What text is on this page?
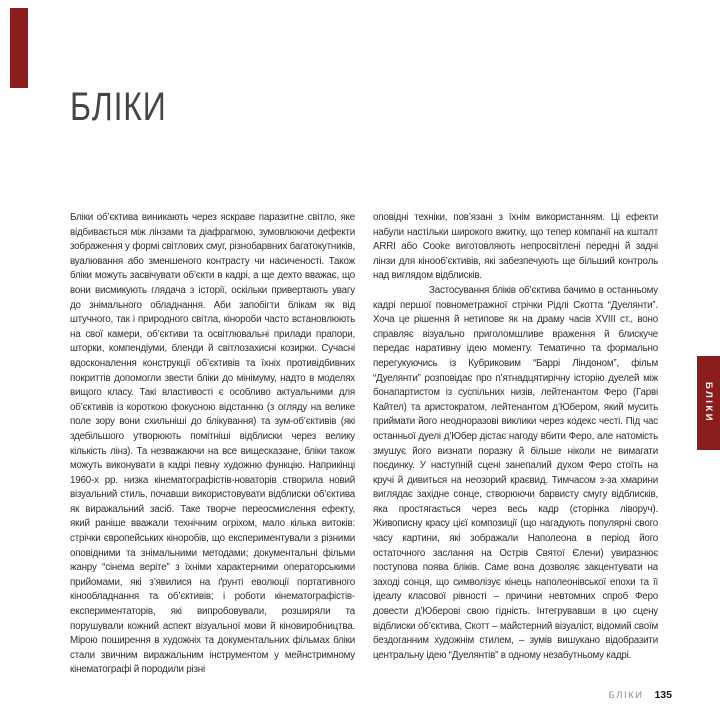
БЛІКИ

Бліки об’єктива виникають через яскраве паразитне світло, яке відбивається між лінзами та діафрагмою, зумовлюючи дефекти зображення у формі світлових смуг, різнобарвних багатокутників, вуалювання або зменшеного контрасту чи насиченості. Також бліки можуть засвічувати об’єкти в кадрі, а ще дехто вважає, що вони висмикують глядача з історії, оскільки привертають увагу до знімального обладнання. Аби запобігти блікам як від штучного, так і природного світла, кінороби часто встановлюють на свої камери, об’єктиви та освітлювальні прилади прапори, шторки, компендіуми, бленди й світлозахисні козирки. Сучасні вдосконалення конструкції об’єктивів та їхніх противідбивних покриттів допомогли звести бліки до мінімуму, надто в моделях вищого класу. Такі властивості є особливо актуальними для об’єктивів із короткою фокусною відстанню (з огляду на велике поле зору вони схильніші до блікування) та зум-об’єктивів (які здебільшого утворюють помітніші відблиски через велику кількість лінз). Та незважаючи на все вищесказане, бліки також можуть виконувати в кадрі певну художню функцію. Наприкінці 1960-х рр. низка кінематографістів-новаторів створила новий візуальний стиль, почавши використовувати відблиски об’єктива як виражальний засіб. Таке творче переосмислення ефекту, який раніше вважали технічним огріхом, мало кілька витоків: стрічки європейських кіноробів, що експериментували з різними оповідними та знімальними методами; документальні фільми жанру “сінема веріте” з їхніми характерними операторськими прийомами, які з’явилися на ґрунті еволюції портативного кінообладнання та об’єктивів; і роботи кінематографістів-експериментаторів, які випробовували, розширяли та порушували кожний аспект візуальної мови й кіновиробництва. Мірою поширення в художніх та документальних фільмах бліки стали звичним виражальним інструментом у мейнстримному кінематографі й породили різні

оповідні техніки, пов’язані з їхнім використанням. Ці ефекти набули настільки широкого вжитку, що тепер компанії на кшталт ARRI або Cooke виготовляють непросвітлені передні й задні лінзи для кінооб’єктивів, які забезпечують ще більший контроль над виглядом відблисків.

Застосування бліків об’єктива бачимо в останньому кадрі першої повнометражної стрічки Рідлі Скотта “Дуелянти”. Хоча це рішення й нетипове як на драму часів XVIII ст., воно справляє візуально приголомшливе враження й блискуче передає наративну ідею моменту. Тематично та формально перегукуючись із Кубриковим “Баррі Ліндоном”, фільм “Дуелянти” розповідає про п’ятнадцятирічну історію дуелей між бонапартистом із суспільних низів, лейтенантом Феро (Гарві Кайтел) та аристократом, лейтенантом д’Юбером, який мусить приймати його неодноразові виклики через кодекс честі. Під час останньої дуелі д’Юбер дістає нагоду вбити Феро, але натомість змушує його визнати поразку й більше ніколи не вимагати поєдинку. У наступній сцені занепалий духом Феро стоїть на кручі й дивиться на неозорий краєвид. Тимчасом з-за хмарини виглядає західне сонце, створюючи барвисту смугу відблисків, яка простягається через весь кадр (сторінка ліворуч). Живописну красу цієї композиції (що нагадують популярні свого часу картини, які зображали Наполеона в період його остаточного заслання на Острів Святої Єлени) увиразнює поступова поява бліків. Саме вона дозволяє закцентувати на заході сонця, що символізує кінець наполеонівської епохи та її ідеалу класової рівності – причини невтомних спроб Феро довести д’Юберові свою гідність. Інтегрувавши в цю сцену відблиски об’єктива, Скотт – майстерний візуаліст, відомий своїм бездоганним художнім стилем, – зумів вишукано відобразити центральну ідею “Дуелянтів” в одному незабутньому кадрі.

БЛІКИ
БЛІКИ 135
